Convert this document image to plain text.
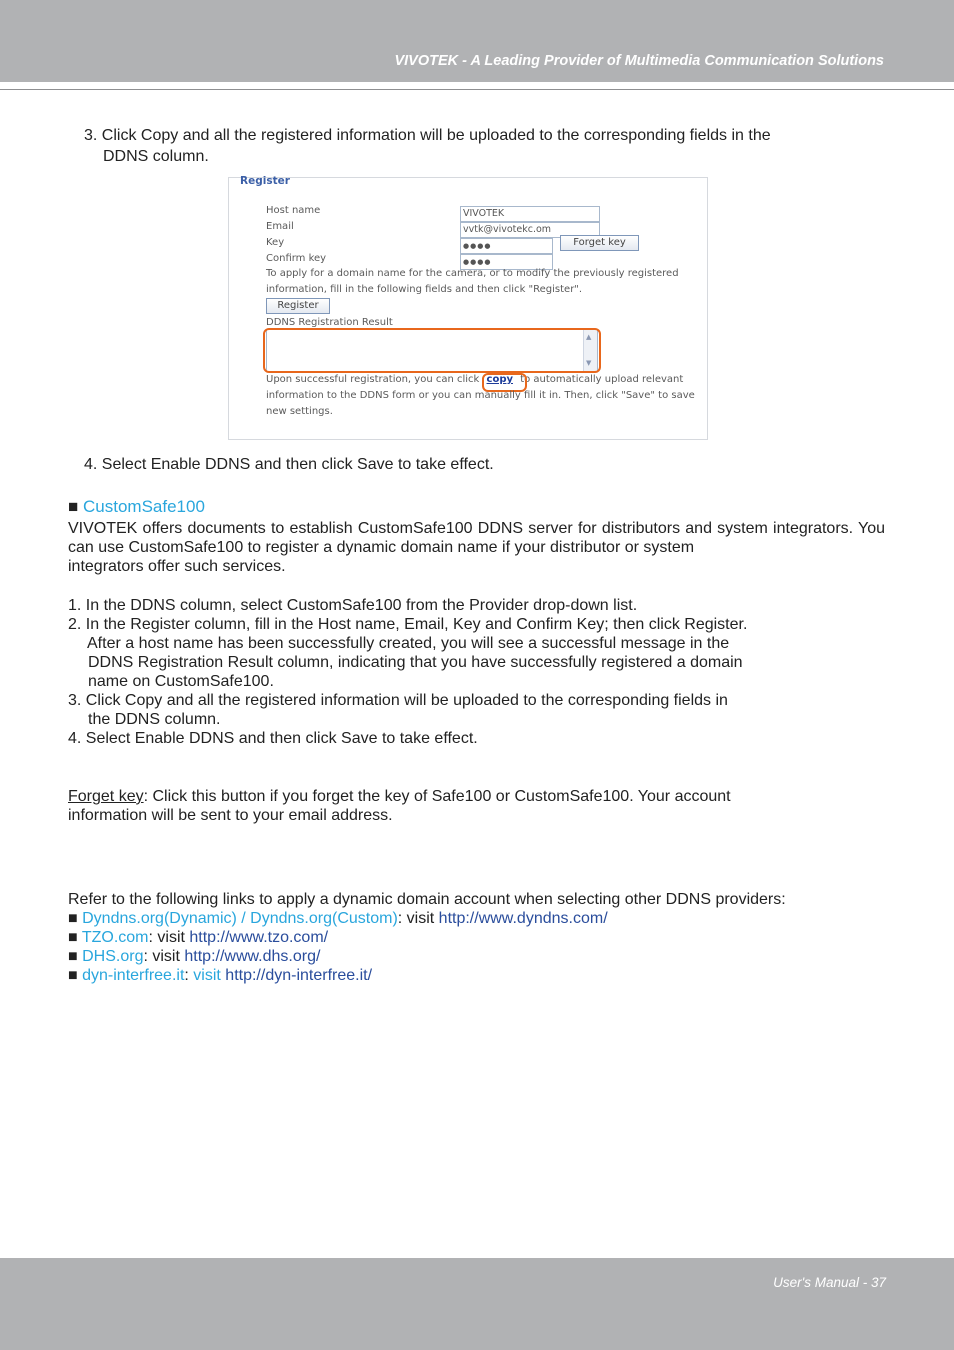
VIVOTEK - A Leading Provider of Multimedia Communication Solutions
3. Click Copy and all the registered information will be uploaded to the corresponding fields in the
DDNS column.
Register
Host name
Email
Key
Confirm key
VIVOTEK
vvtk@vivotekc.om
●●●●
●●●●
Forget key
To apply for a domain name for the camera, or to modify the previously registered
information, fill in the following fields and then click "Register".
Register
DDNS Registration Result
▲
▼
Upon successful registration, you can click copy to automatically upload relevant
information to the DDNS form or you can manually fill it in. Then, click "Save" to save
new settings.
4. Select Enable DDNS and then click Save to take effect.
■ CustomSafe100
VIVOTEK offers documents to establish CustomSafe100 DDNS server for distributors and system integrators. You can use CustomSafe100 to register a dynamic domain name if your distributor or system
integrators offer such services.
1. In the DDNS column, select CustomSafe100 from the Provider drop-down list.
2. In the Register column, fill in the Host name, Email, Key and Confirm Key; then click Register.
After a host name has been successfully created, you will see a successful message in the
DDNS Registration Result column, indicating that you have successfully registered a domain
name on CustomSafe100.
3. Click Copy and all the registered information will be uploaded to the corresponding fields in
the DDNS column.
4. Select Enable DDNS and then click Save to take effect.
Forget key: Click this button if you forget the key of Safe100 or CustomSafe100. Your account
information will be sent to your email address.
Refer to the following links to apply a dynamic domain account when selecting other DDNS providers:
■ Dyndns.org(Dynamic) / Dyndns.org(Custom): visit http://www.dyndns.com/
■ TZO.com: visit http://www.tzo.com/
■ DHS.org: visit http://www.dhs.org/
■ dyn-interfree.it: visit http://dyn-interfree.it/
User's Manual - 37
